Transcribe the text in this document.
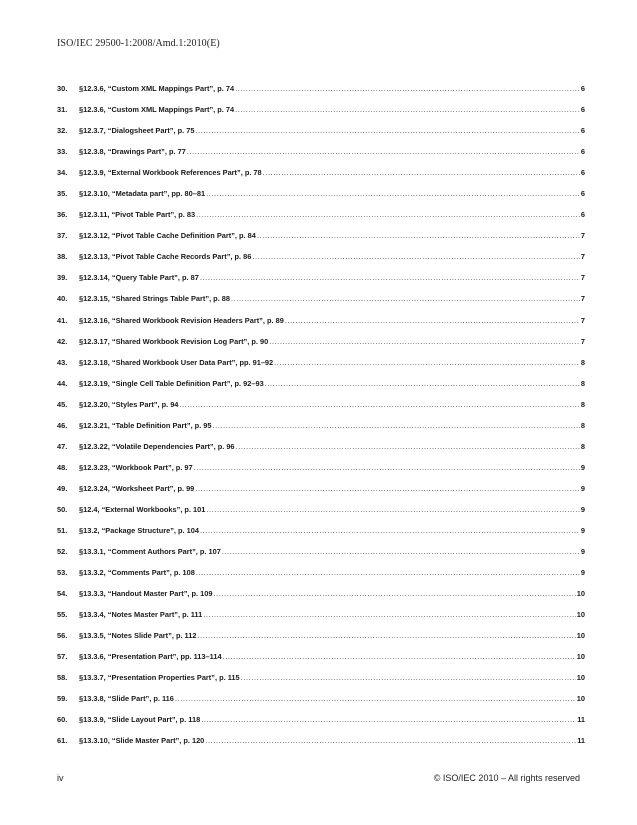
ISO/IEC 29500-1:2008/Amd.1:2010(E)
30.	§12.3.6, “Custom XML Mappings Part”, p. 74 .....	6
31.	§12.3.6, “Custom XML Mappings Part”, p. 74 .....	6
32.	§12.3.7, “Dialogsheet Part”, p. 75 .....	6
33.	§12.3.8, “Drawings Part”, p. 77 .....	6
34.	§12.3.9, “External Workbook References Part”, p. 78 .....	6
35.	§12.3.10, “Metadata part”, pp. 80–81 .....	6
36.	§12.3.11, “Pivot Table Part”, p. 83 .....	6
37.	§12.3.12, “Pivot Table Cache Definition Part”, p. 84 .....	7
38.	§12.3.13, “Pivot Table Cache Records Part”, p. 86 .....	7
39.	§12.3.14, “Query Table Part”, p. 87 .....	7
40.	§12.3.15, “Shared Strings Table Part”, p. 88 .....	7
41.	§12.3.16, “Shared Workbook Revision Headers Part”, p. 89 .....	7
42.	§12.3.17, “Shared Workbook Revision Log Part”, p. 90 .....	7
43.	§12.3.18, “Shared Workbook User Data Part”, pp. 91–92 .....	8
44.	§12.3.19, “Single Cell Table Definition Part”, p. 92–93 .....	8
45.	§12.3.20, “Styles Part”, p. 94 .....	8
46.	§12.3.21, “Table Definition Part”, p. 95 .....	8
47.	§12.3.22, “Volatile Dependencies Part”, p. 96 .....	8
48.	§12.3.23, “Workbook Part”, p. 97 .....	9
49.	§12.3.24, “Worksheet Part”, p. 99 .....	9
50.	§12.4, “External Workbooks”, p. 101 .....	9
51.	§13.2, “Package Structure”, p. 104 .....	9
52.	§13.3.1, “Comment Authors Part”, p. 107 .....	9
53.	§13.3.2, “Comments Part”, p. 108 .....	9
54.	§13.3.3, “Handout Master Part”, p. 109 .....	10
55.	§13.3.4, “Notes Master Part”, p. 111 .....	10
56.	§13.3.5, “Notes Slide Part”, p. 112 .....	10
57.	§13.3.6, “Presentation Part”, pp. 113–114 .....	10
58.	§13.3.7, “Presentation Properties Part”, p. 115 .....	10
59.	§13.3.8, “Slide Part”, p. 116 .....	10
60.	§13.3.9, “Slide Layout Part”, p. 118 .....	11
61.	§13.3.10, “Slide Master Part”, p. 120 .....	11
iv	© ISO/IEC 2010 – All rights reserved
